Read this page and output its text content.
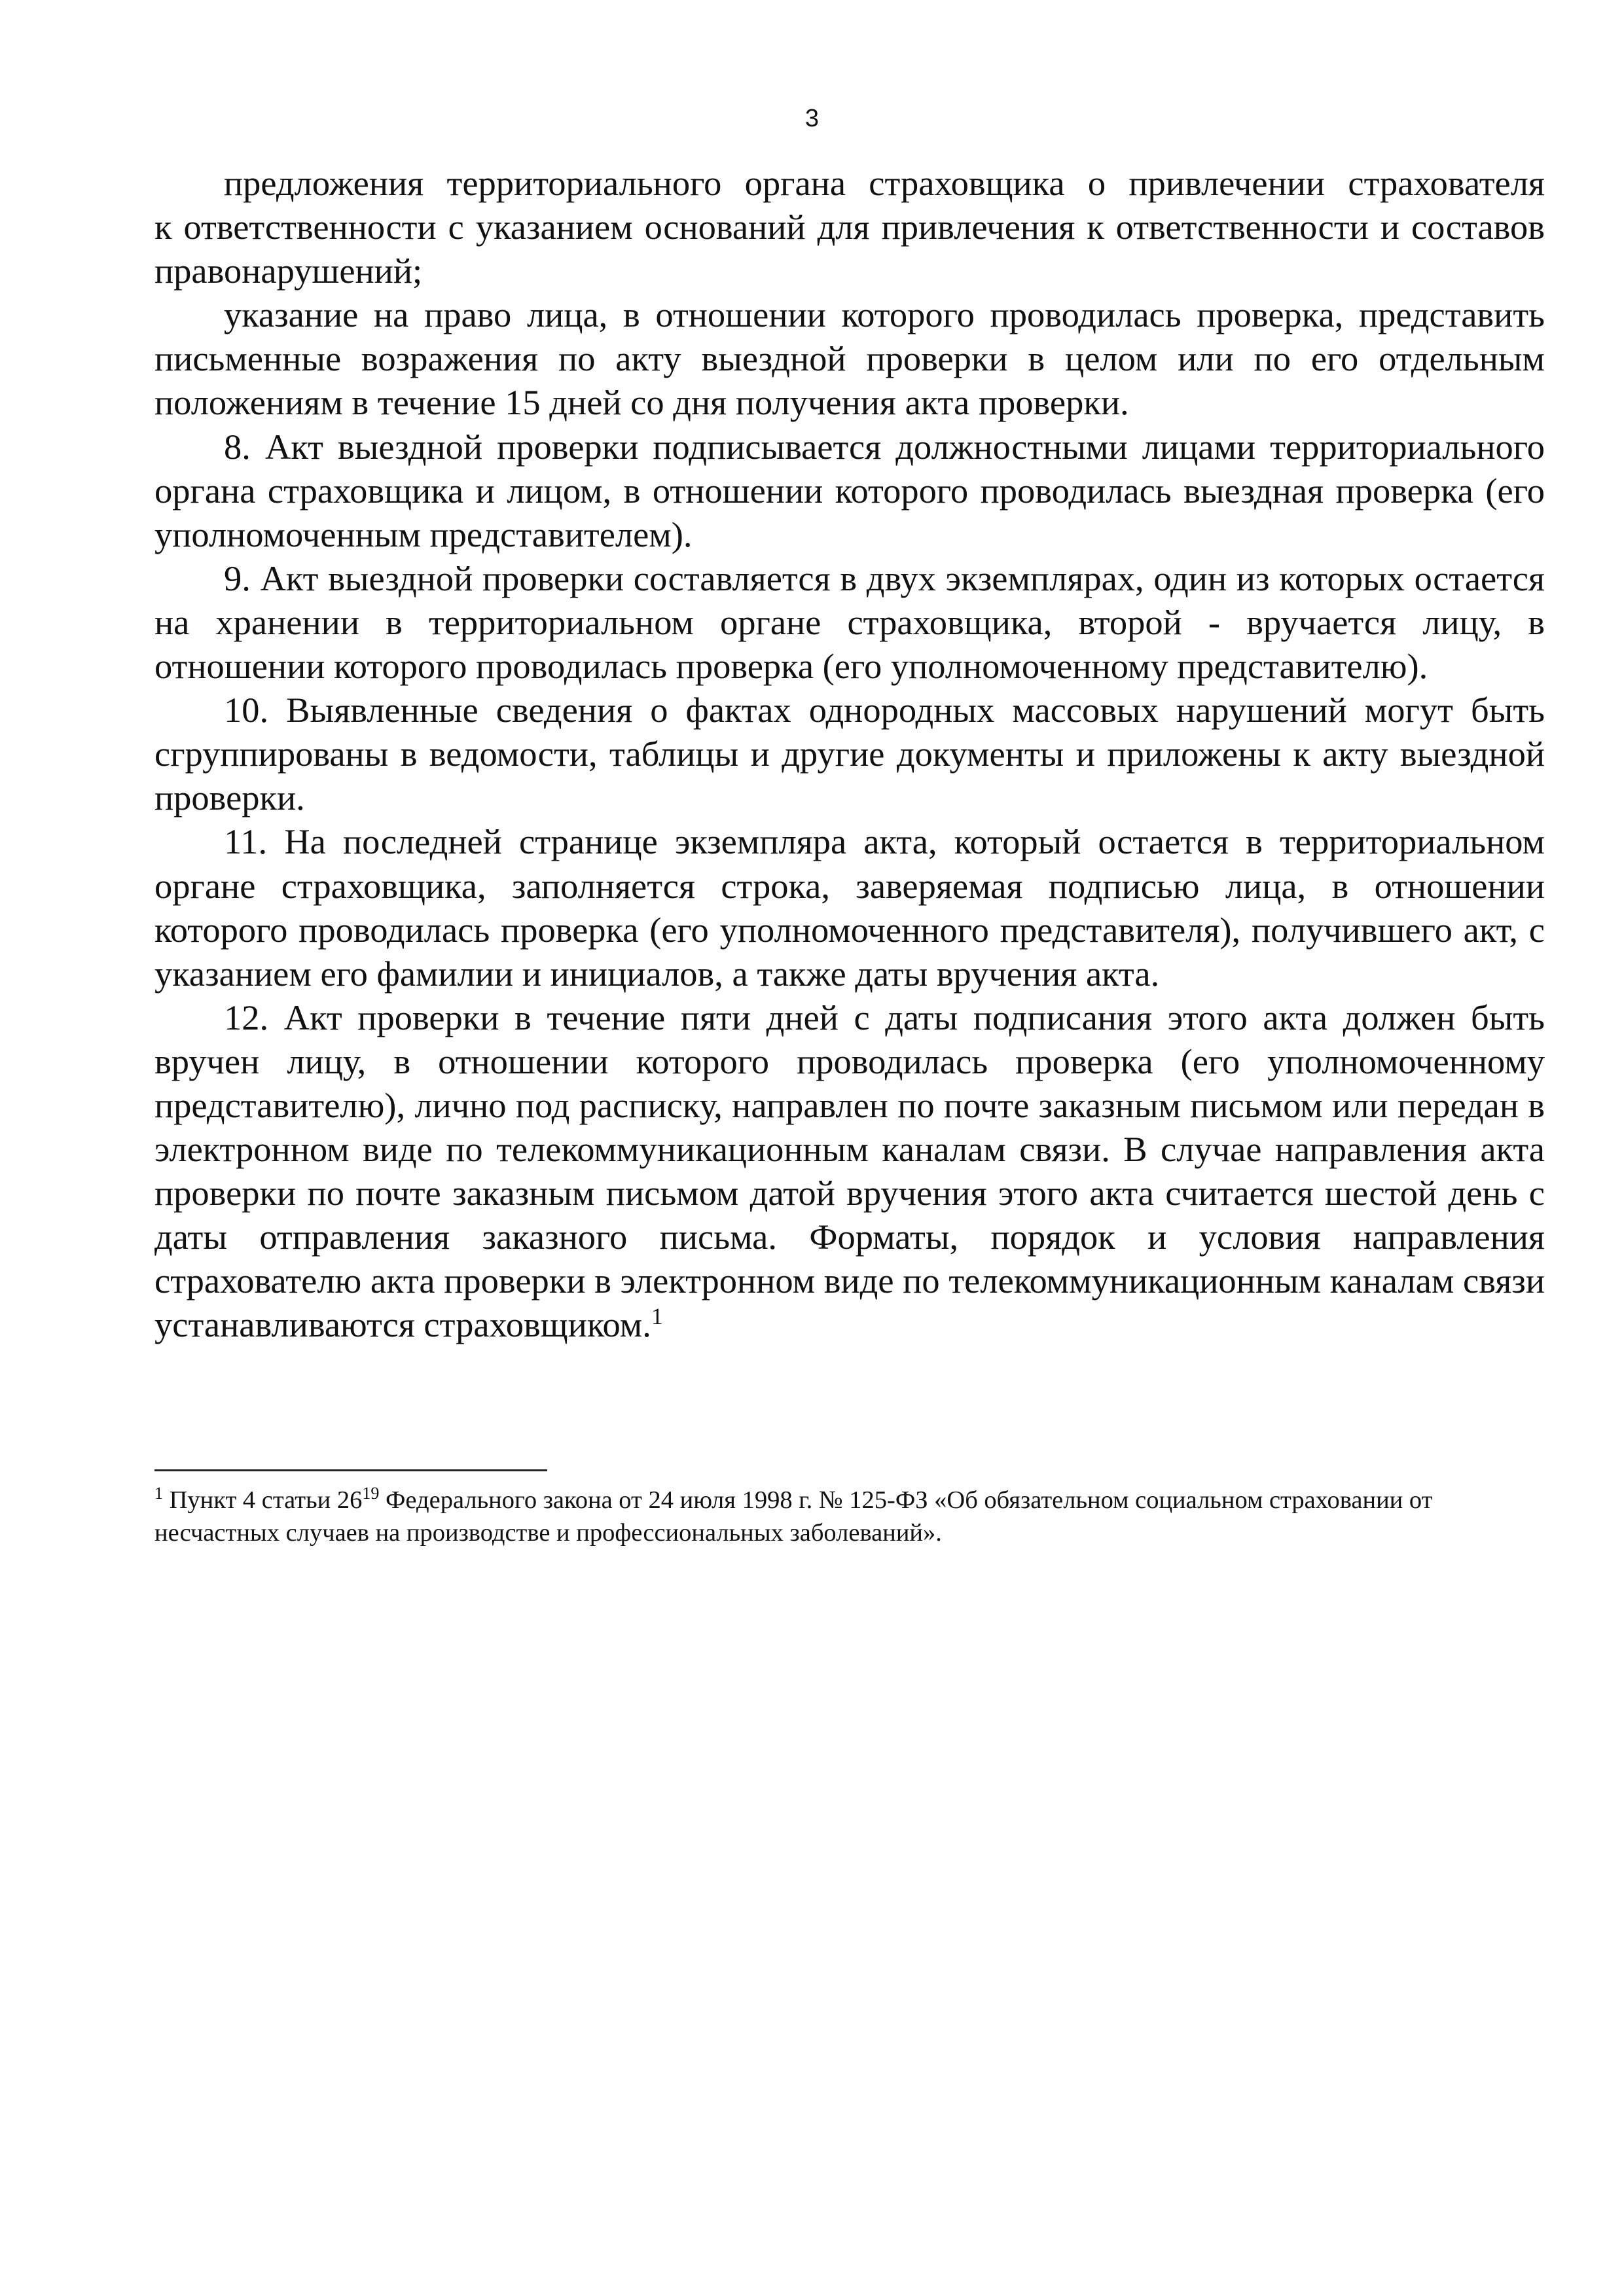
3

предложения территориального органа страховщика о привлечении страхователя

к ответственности с указанием оснований для привлечения к ответственности и составов правонарушений;

указание на право лица, в отношении которого проводилась проверка, представить письменные возражения по акту выездной проверки в целом или по его отдельным положениям в течение 15 дней со дня получения акта проверки.

8. Акт выездной проверки подписывается должностными лицами территориального органа страховщика и лицом, в отношении которого проводилась выездная проверка (его уполномоченным представителем).

9. Акт выездной проверки составляется в двух экземплярах, один из которых остается на хранении в территориальном органе страховщика, второй - вручается лицу, в отношении которого проводилась проверка (его уполномоченному представителю).

10. Выявленные сведения о фактах однородных массовых нарушений могут быть сгруппированы в ведомости, таблицы и другие документы и приложены к акту выездной проверки.

11. На последней странице экземпляра акта, который остается в территориальном органе страховщика, заполняется строка, заверяемая подписью лица, в отношении которого проводилась проверка (его уполномоченного представителя), получившего акт, с указанием его фамилии и инициалов, а также даты вручения акта.

12. Акт проверки в течение пяти дней с даты подписания этого акта должен быть вручен лицу, в отношении которого проводилась проверка (его уполномоченному представителю), лично под расписку, направлен по почте заказным письмом или передан в электронном виде по телекоммуникационным каналам связи. В случае направления акта проверки по почте заказным письмом датой вручения этого акта считается шестой день с даты отправления заказного письма. Форматы, порядок и условия направления страхователю акта проверки в электронном виде по телекоммуникационным каналам связи устанавливаются страховщиком.$^1$

$^1$ Пункт 4 статьи 26$^{19}$ Федерального закона от 24 июля 1998 г. № 125-ФЗ «Об обязательном социальном страховании от несчастных случаев на производстве и профессиональных заболеваний».
